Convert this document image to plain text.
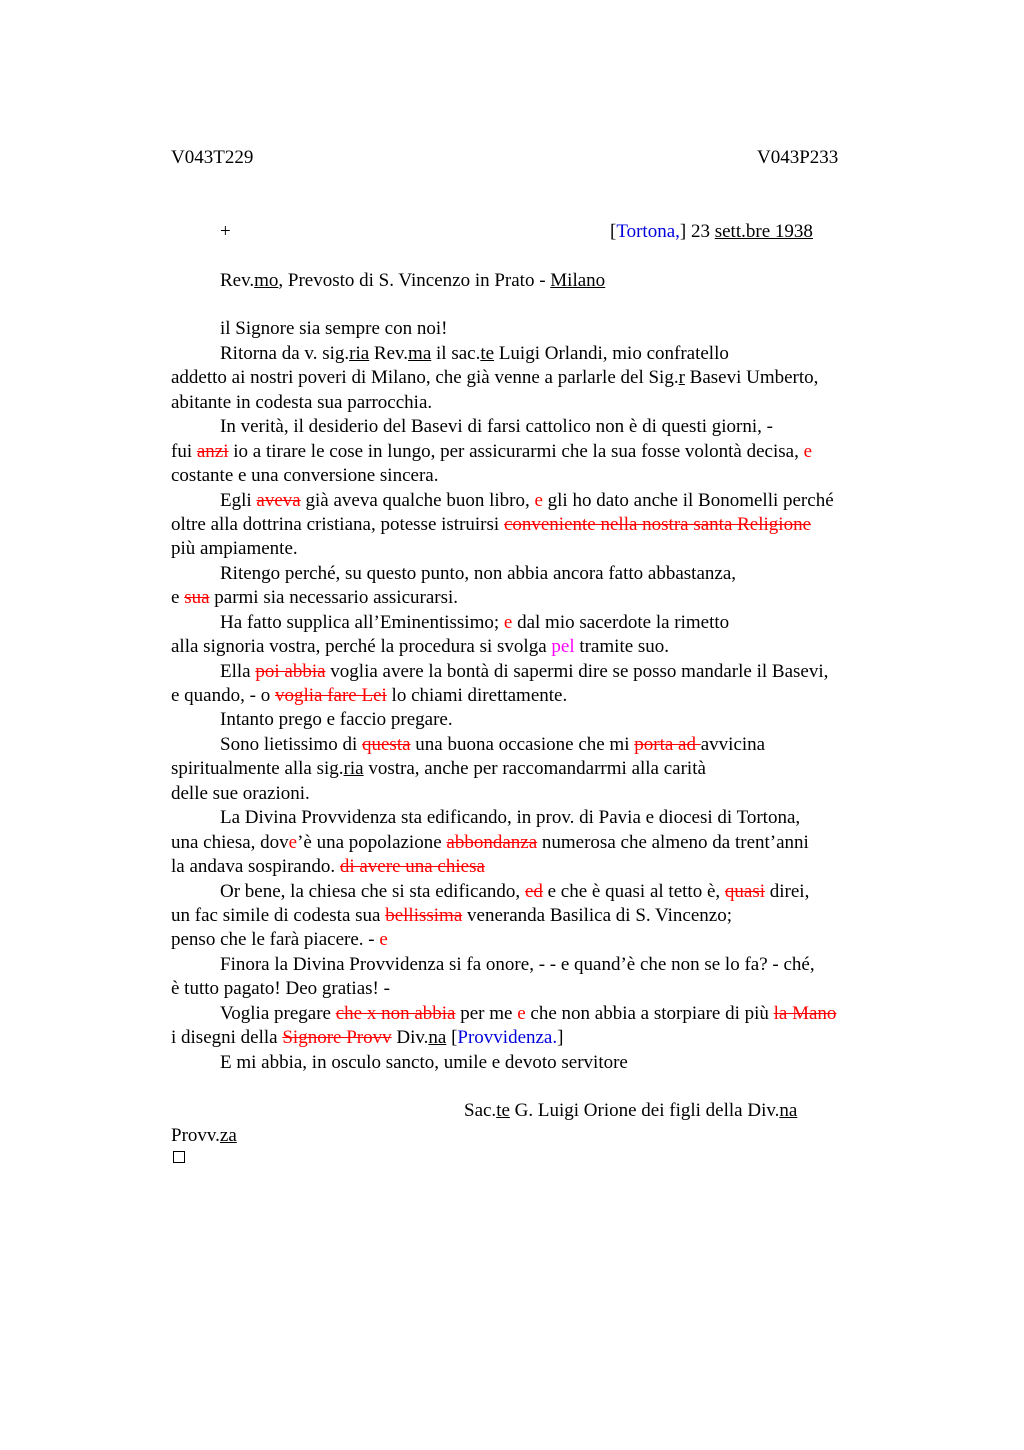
V043T229	V043P233
+	[Tortona,] 23 sett.bre 1938
Rev.mo, Prevosto di S. Vincenzo in Prato - Milano
il Signore sia sempre con noi!
Ritorna da v. sig.ria Rev.ma il sac.te Luigi Orlandi, mio confratello
addetto ai nostri poveri di Milano, che già venne a parlarle del Sig.r Basevi Umberto,
abitante in codesta sua parrocchia.
In verità, il desiderio del Basevi di farsi cattolico non è di questi giorni, -
fui anzi io a tirare le cose in lungo, per assicurarmi che la sua fosse volontà decisa, e
costante e una conversione sincera.
Egli aveva già aveva qualche buon libro, e gli ho dato anche il Bonomelli perché
oltre alla dottrina cristiana, potesse istruirsi conveniente nella nostra santa Religione
più ampiamente.
Ritengo perché, su questo punto, non abbia ancora fatto abbastanza,
e sua parmi sia necessario assicurarsi.
Ha fatto supplica all’Eminentissimo; e dal mio sacerdote la rimetto
alla signoria vostra, perché la procedura si svolga pel tramite suo.
Ella poi abbia voglia avere la bontà di sapermi dire se posso mandarle il Basevi,
e quando, - o voglia fare Lei lo chiami direttamente.
Intanto prego e faccio pregare.
Sono lietissimo di questa una buona occasione che mi porta ad avvicina
spiritualmente alla sig.ria vostra, anche per raccomandarrmi alla carità
delle sue orazioni.
La Divina Provvidenza sta edificando, in prov. di Pavia e diocesi di Tortona,
una chiesa, dove’è una popolazione abbondanza numerosa che almeno da trent’anni
la andava sospirando. di avere una chiesa
Or bene, la chiesa che si sta edificando, ed e che è quasi al tetto è, quasi direi,
un fac simile di codesta sua bellissima veneranda Basilica di S. Vincenzo;
penso che le farà piacere. - e
Finora la Divina Provvidenza si fa onore, - - e quand’è che non se lo fa? - ché,
è tutto pagato! Deo gratias! -
Voglia pregare che x non abbia per me e che non abbia a storpiare di più la Mano
i disegni della Signore Provv Div.na [Provvidenza.]
E mi abbia, in osculo sancto, umile e devoto servitore
Sac.te G. Luigi Orione dei figli della Div.na
Provv.za
